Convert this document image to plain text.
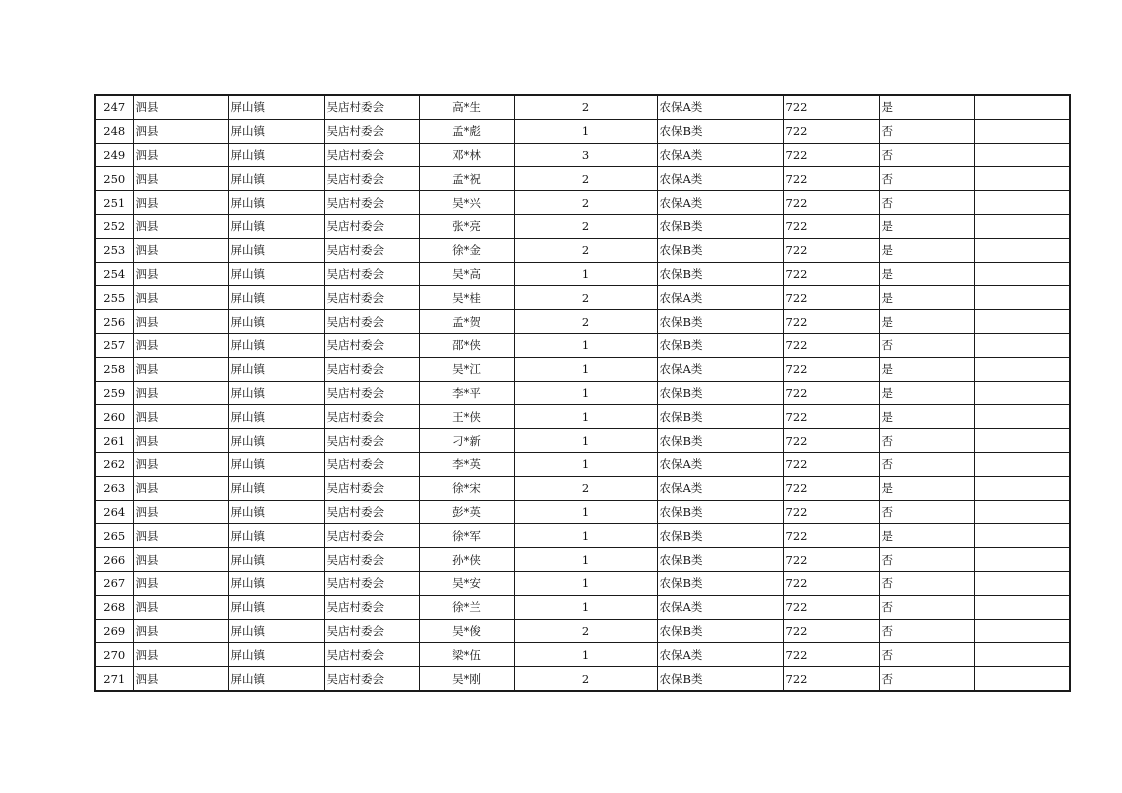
247	泗县	屏山镇	吴店村委会	高*生	2	农保A类	722	是	
248	泗县	屏山镇	吴店村委会	孟*彪	1	农保B类	722	否	
249	泗县	屏山镇	吴店村委会	邓*林	3	农保A类	722	否	
250	泗县	屏山镇	吴店村委会	孟*祝	2	农保A类	722	否	
251	泗县	屏山镇	吴店村委会	吴*兴	2	农保A类	722	否	
252	泗县	屏山镇	吴店村委会	张*亮	2	农保B类	722	是	
253	泗县	屏山镇	吴店村委会	徐*金	2	农保B类	722	是	
254	泗县	屏山镇	吴店村委会	吴*高	1	农保B类	722	是	
255	泗县	屏山镇	吴店村委会	吴*桂	2	农保A类	722	是	
256	泗县	屏山镇	吴店村委会	孟*贺	2	农保B类	722	是	
257	泗县	屏山镇	吴店村委会	邵*侠	1	农保B类	722	否	
258	泗县	屏山镇	吴店村委会	吴*江	1	农保A类	722	是	
259	泗县	屏山镇	吴店村委会	李*平	1	农保B类	722	是	
260	泗县	屏山镇	吴店村委会	王*侠	1	农保B类	722	是	
261	泗县	屏山镇	吴店村委会	刁*新	1	农保B类	722	否	
262	泗县	屏山镇	吴店村委会	李*英	1	农保A类	722	否	
263	泗县	屏山镇	吴店村委会	徐*宋	2	农保A类	722	是	
264	泗县	屏山镇	吴店村委会	彭*英	1	农保B类	722	否	
265	泗县	屏山镇	吴店村委会	徐*军	1	农保B类	722	是	
266	泗县	屏山镇	吴店村委会	孙*侠	1	农保B类	722	否	
267	泗县	屏山镇	吴店村委会	吴*安	1	农保B类	722	否	
268	泗县	屏山镇	吴店村委会	徐*兰	1	农保A类	722	否	
269	泗县	屏山镇	吴店村委会	吴*俊	2	农保B类	722	否	
270	泗县	屏山镇	吴店村委会	梁*伍	1	农保A类	722	否	
271	泗县	屏山镇	吴店村委会	吴*刚	2	农保B类	722	否	
